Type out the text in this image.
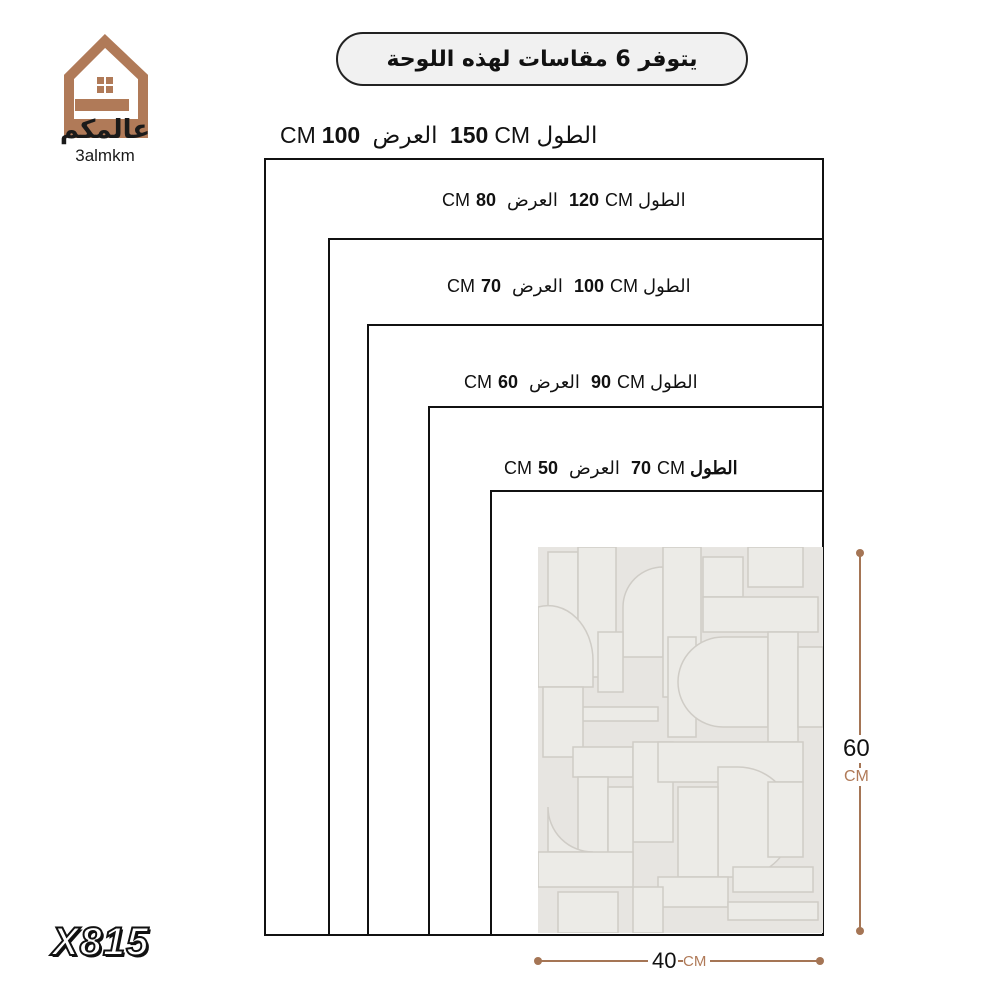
عالمكم
3almkm
يتوفر 6 مقاسات لهذه اللوحة
الطول 150 CM العرض CM 100
الطول 120 CM العرض CM 80
الطول 100 CM العرض CM 70
الطول 90 CM العرض CM 60
الطول 70 CM العرض CM 50
60
CM
40 CM
X815
